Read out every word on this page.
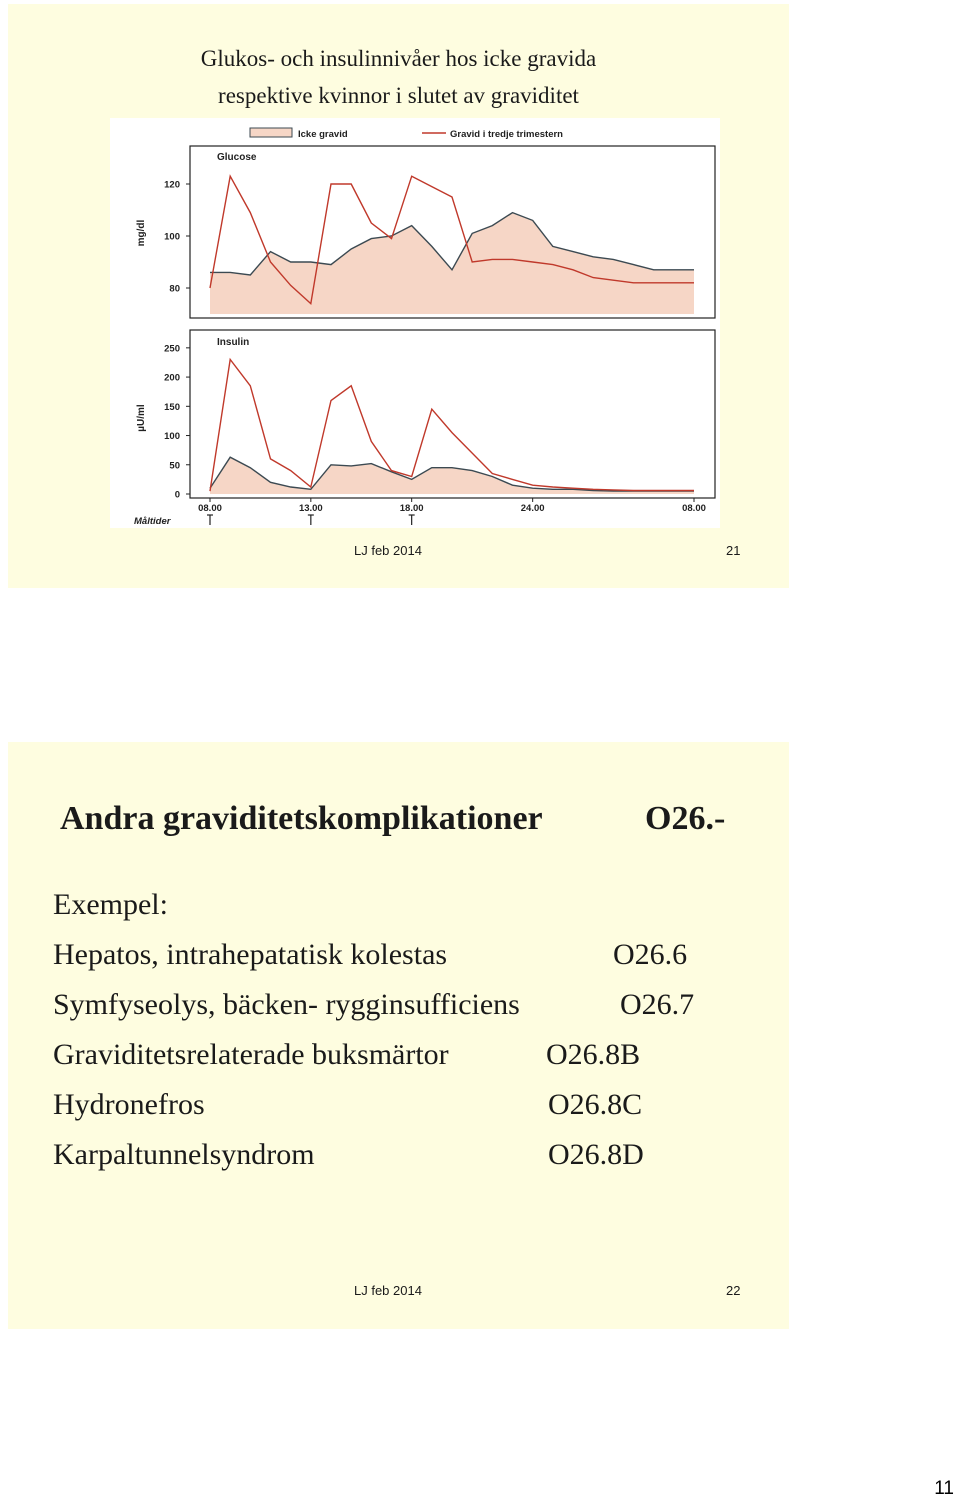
Glukos- och insulinnivåer hos icke gravida
respektive kvinnor i slutet av graviditet
Icke gravid	Gravid i tredje trimestern
Glucose
mg/dl
80
100
120
Insulin
µU/ml
0
50
100
150
200
250
08.00	13.00	18.00	24.00	08.00
Måltider
LJ feb 2014	21
Andra graviditetskomplikationer	O26.-
Exempel:
Hepatos, intrahepatatisk kolestas	O26.6
Symfyseolys, bäcken- rygginsufficiens	O26.7
Graviditetsrelaterade buksmärtor	O26.8B
Hydronefros	O26.8C
Karpaltunnelsyndrom	O26.8D
LJ feb 2014	22
11
